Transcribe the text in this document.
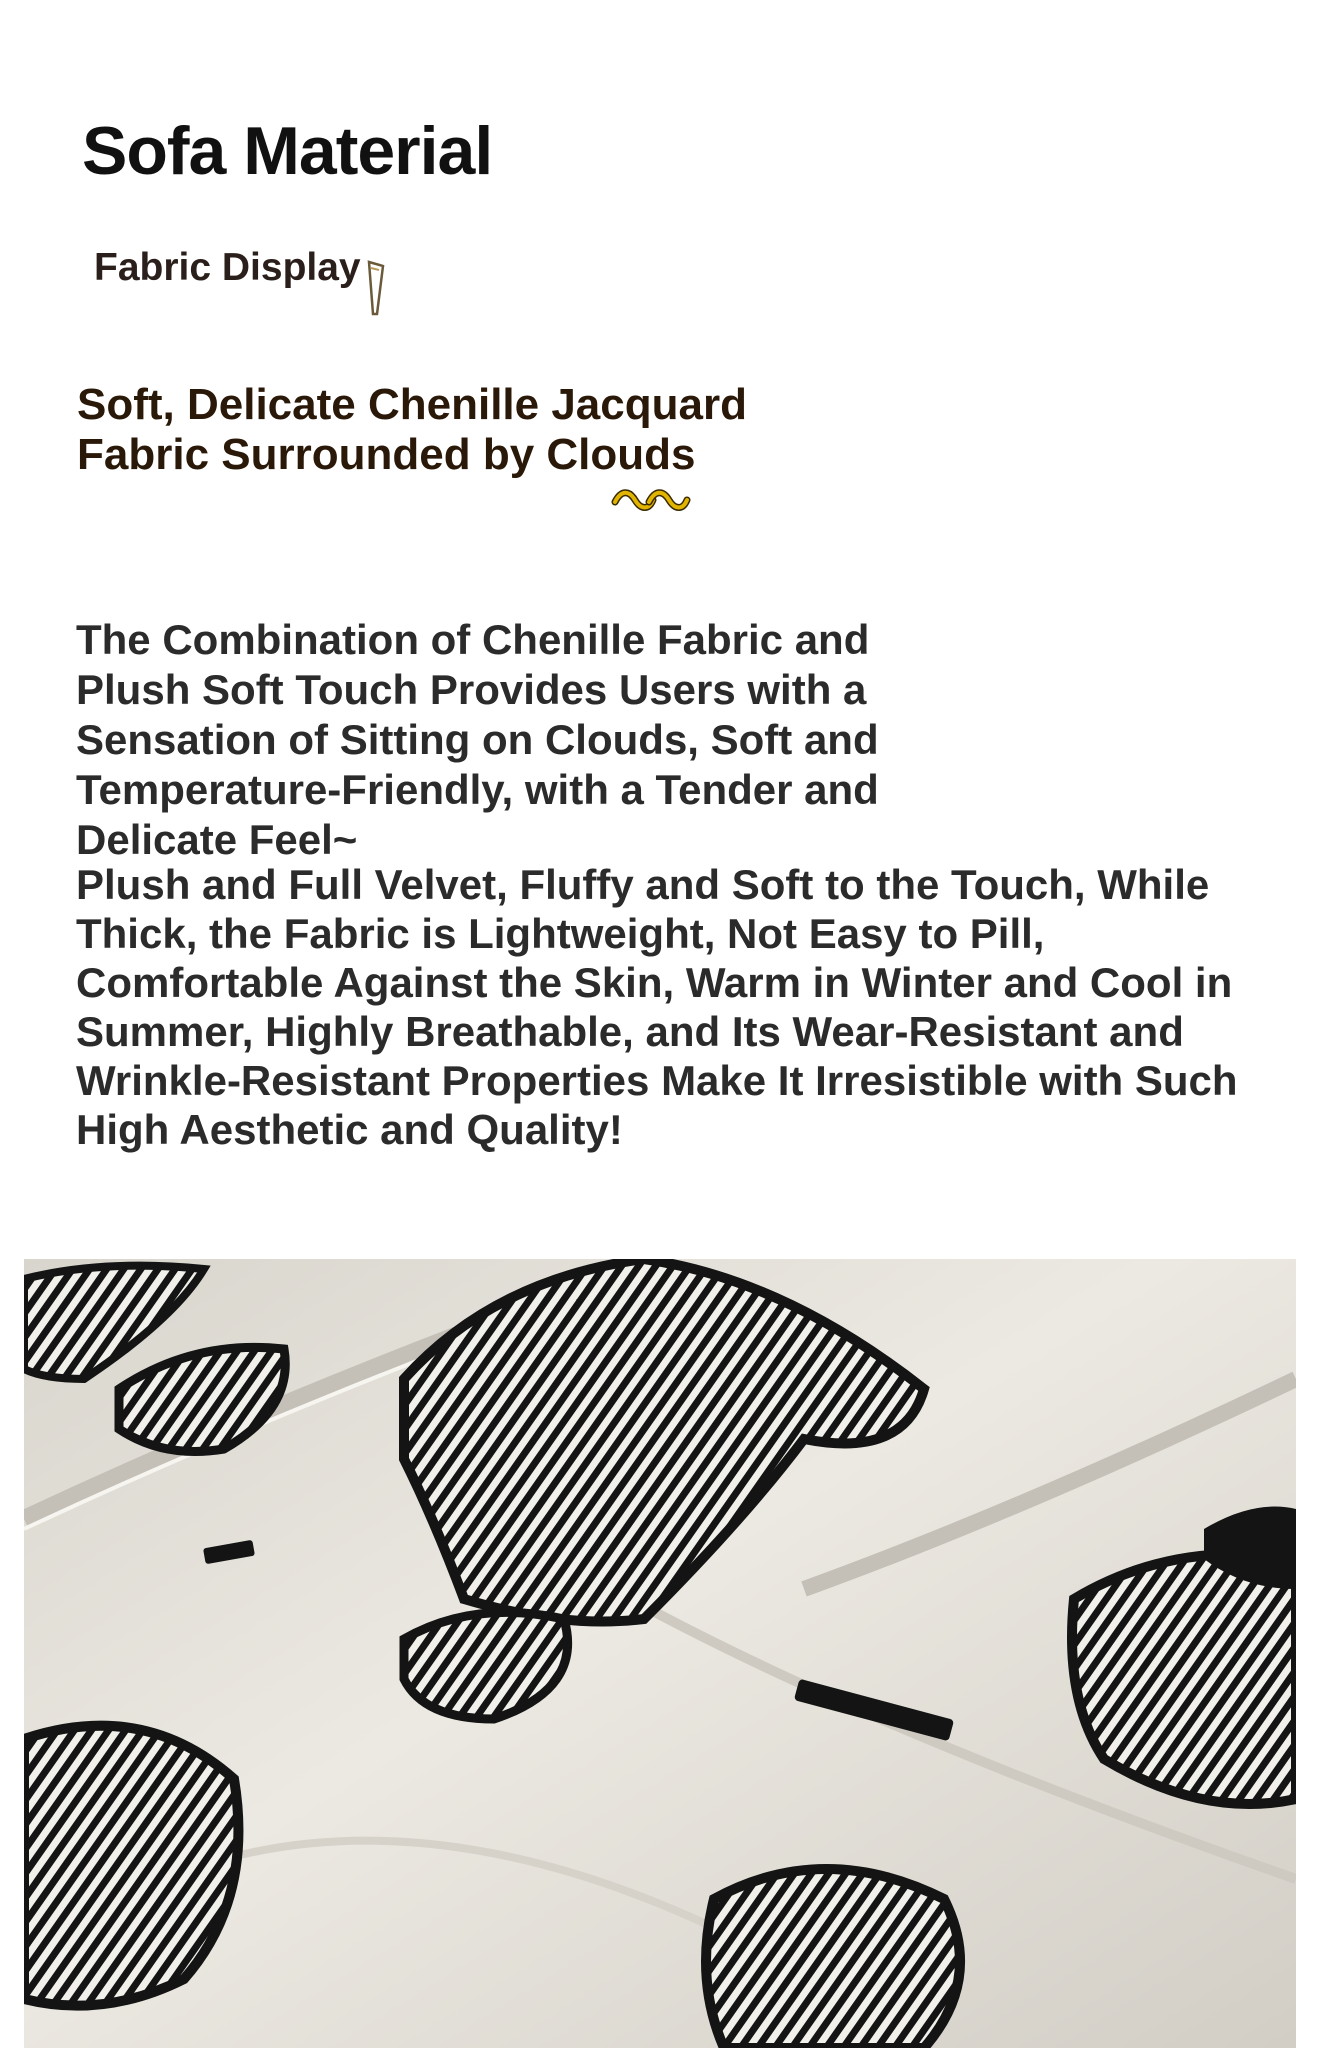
Sofa Material
Fabric Display

Soft, Delicate Chenille Jacquard Fabric Surrounded by Clouds

The Combination of Chenille Fabric and Plush Soft Touch Provides Users with a Sensation of Sitting on Clouds, Soft and Temperature-Friendly, with a Tender and Delicate Feel~

Plush and Full Velvet, Fluffy and Soft to the Touch, While Thick, the Fabric is Lightweight, Not Easy to Pill, Comfortable Against the Skin, Warm in Winter and Cool in Summer, Highly Breathable, and Its Wear-Resistant and Wrinkle-Resistant Properties Make It Irresistible with Such High Aesthetic and Quality!
